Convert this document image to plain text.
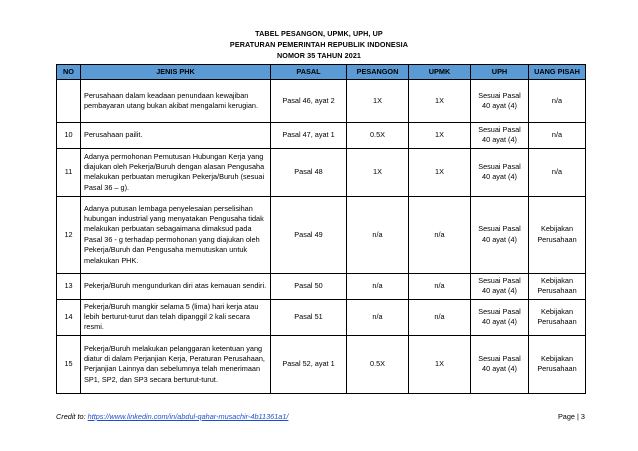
TABEL PESANGON, UPMK, UPH, UP
PERATURAN PEMERINTAH REPUBLIK INDONESIA
NOMOR 35 TAHUN 2021
NO	JENIS PHK	PASAL	PESANGON	UPMK	UPH	UANG PISAH
	Perusahaan dalam keadaan penundaan kewajiban pembayaran utang bukan akibat mengalami kerugian.	Pasal 46, ayat 2	1X	1X	Sesuai Pasal 40 ayat (4)	n/a
10	Perusahaan pailit.	Pasal 47, ayat 1	0.5X	1X	Sesuai Pasal 40 ayat (4)	n/a
11	Adanya permohonan Pemutusan Hubungan Kerja yang diajukan oleh Pekerja/Buruh dengan alasan Pengusaha melakukan perbuatan merugikan Pekerja/Buruh (sesuai Pasal 36 – g).	Pasal 48	1X	1X	Sesuai Pasal 40 ayat (4)	n/a
12	Adanya putusan lembaga penyelesaian perselisihan hubungan industrial yang menyatakan Pengusaha tidak melakukan perbuatan sebagaimana dimaksud pada Pasal 36 - g terhadap permohonan yang diajukan oleh Pekerja/Buruh dan Pengusaha memutuskan untuk melakukan PHK.	Pasal 49	n/a	n/a	Sesuai Pasal 40 ayat (4)	Kebijakan Perusahaan
13	Pekerja/Buruh mengundurkan diri atas kemauan sendiri.	Pasal 50	n/a	n/a	Sesuai Pasal 40 ayat (4)	Kebijakan Perusahaan
14	Pekerja/Buruh mangkir selama 5 (lima) hari kerja atau lebih berturut-turut dan telah dipanggil 2 kali secara resmi.	Pasal 51	n/a	n/a	Sesuai Pasal 40 ayat (4)	Kebijakan Perusahaan
15	Pekerja/Buruh melakukan pelanggaran ketentuan yang diatur di dalam Perjanjian Kerja, Peraturan Perusahaan, Perjanjian Lainnya dan sebelumnya telah menerimaan SP1, SP2, dan SP3 secara berturut-turut.	Pasal 52, ayat 1	0.5X	1X	Sesuai Pasal 40 ayat (4)	Kebijakan Perusahaan
Credit to: https://www.linkedin.com/in/abdul-qahar-musachir-4b11361a1/	Page | 3
